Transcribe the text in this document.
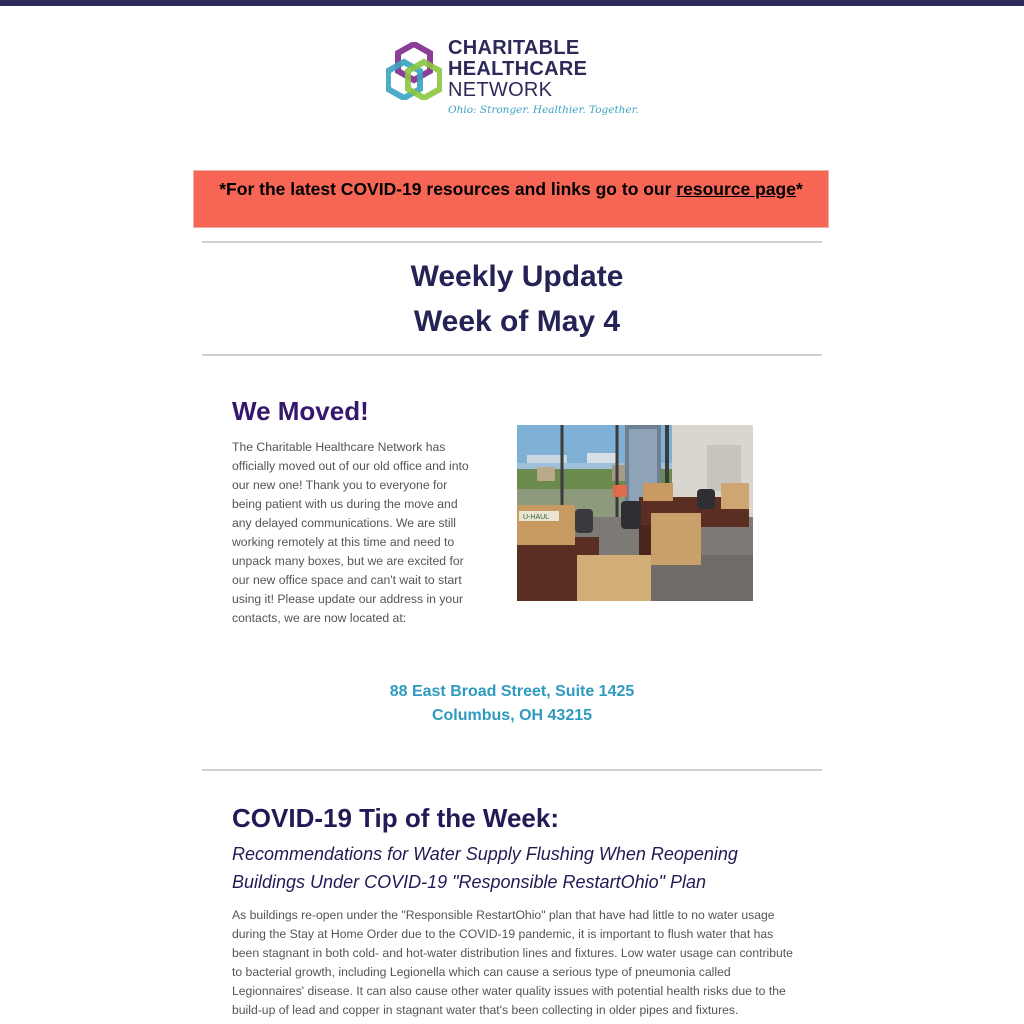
CHARITABLE
HEALTHCARE
NETWORK
Ohio: Stronger. Healthier. Together.

*For the latest COVID-19 resources and links go to our resource page*

Weekly Update
Week of May 4
We Moved!

The Charitable Healthcare Network has officially moved out of our old office and into our new one! Thank you to everyone for being patient with us during the move and any delayed communications. We are still working remotely at this time and need to unpack many boxes, but we are excited for our new office space and can't wait to start using it! Please update our address in your contacts, we are now located at:

U-HAUL
88 East Broad Street, Suite 1425
Columbus, OH 43215
COVID-19 Tip of the Week:

Recommendations for Water Supply Flushing When Reopening Buildings Under COVID-19 "Responsible RestartOhio" Plan

As buildings re-open under the "Responsible RestartOhio" plan that have had little to no water usage during the Stay at Home Order due to the COVID-19 pandemic, it is important to flush water that has been stagnant in both cold- and hot-water distribution lines and fixtures. Low water usage can contribute to bacterial growth, including Legionella which can cause a serious type of pneumonia called Legionnaires' disease. It can also cause other water quality issues with potential health risks due to the build-up of lead and copper in stagnant water that's been collecting in older pipes and fixtures.
